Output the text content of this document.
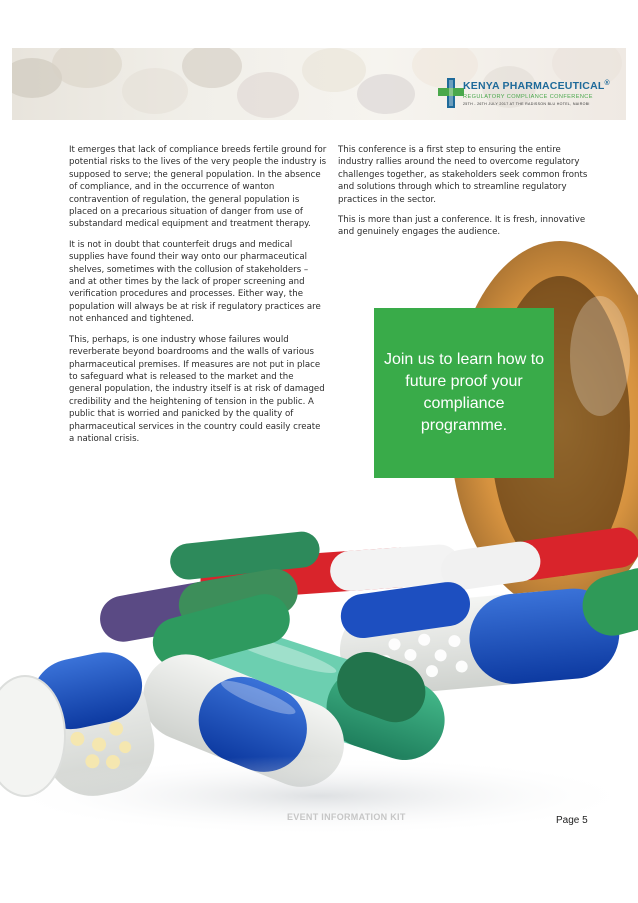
KENYA PHARMACEUTICAL®
REGULATORY COMPLIANCE CONFERENCE
25TH - 26TH JULY 2017 AT THE RADISSON BLU HOTEL, NAIROBI

It emerges that lack of compliance breeds fertile ground for potential risks to the lives of the very people the industry is supposed to serve; the general population. In the absence of compliance, and in the occurrence of wanton contravention of regulation, the general population is placed on a precarious situation of danger from use of substandard medical equipment and treatment therapy.

It is not in doubt that counterfeit drugs and medical supplies have found their way onto our pharmaceutical shelves, sometimes with the collusion of stakeholders – and at other times by the lack of proper screening and verification procedures and processes. Either way, the population will always be at risk if regulatory practices are not enhanced and tightened.

This, perhaps, is one industry whose failures would reverberate beyond boardrooms and the walls of various pharmaceutical premises. If measures are not put in place to safeguard what is released to the market and the general population, the industry itself is at risk of damaged credibility and the heightening of tension in the public. A public that is worried and panicked by the quality of pharmaceutical services in the country could easily create a national crisis.

This conference is a first step to ensuring the entire industry rallies around the need to overcome regulatory challenges together, as stakeholders seek common fronts and solutions through which to streamline regulatory practices in the sector.

This is more than just a conference. It is fresh, innovative and genuinely engages the audience.

Join us to learn how to future proof your compliance programme.
EVENT INFORMATION KIT	Page 5
